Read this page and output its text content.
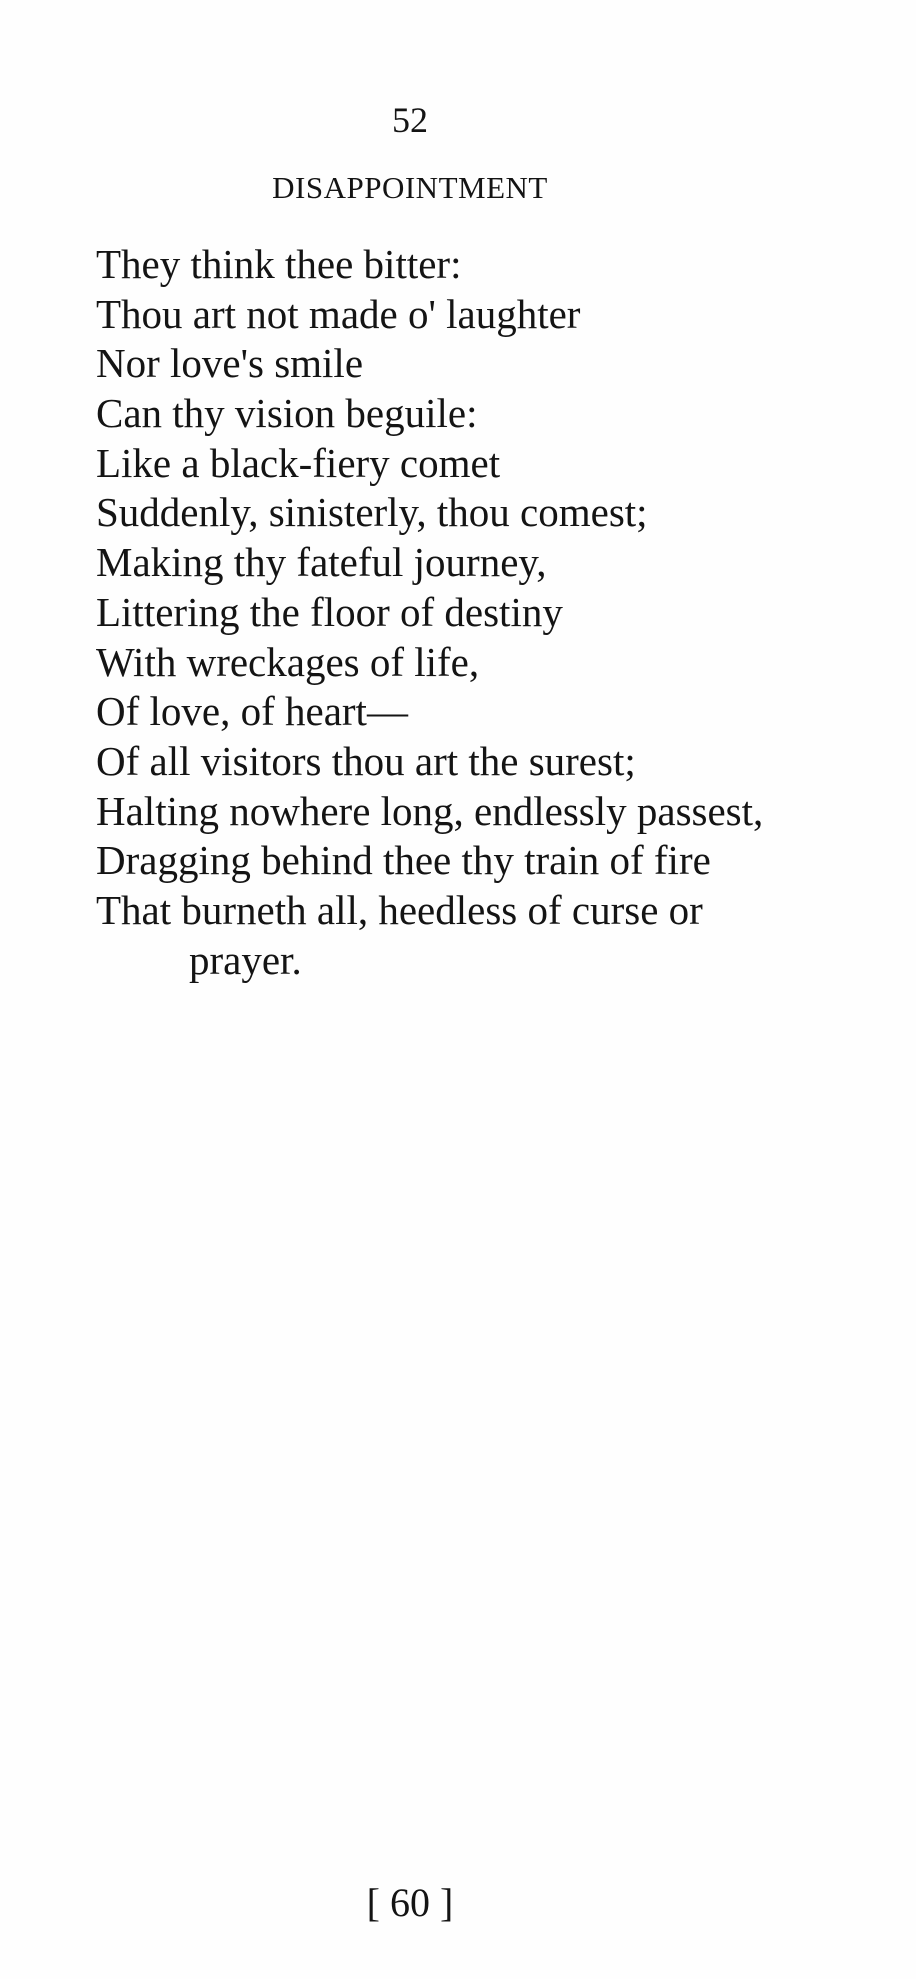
52
DISAPPOINTMENT
They think thee bitter:
Thou art not made o' laughter
Nor love's smile
Can thy vision beguile:
Like a black-fiery comet
Suddenly, sinisterly, thou comest;
Making thy fateful journey,
Littering the floor of destiny
With wreckages of life,
Of love, of heart—
Of all visitors thou art the surest;
Halting nowhere long, endlessly passest,
Dragging behind thee thy train of fire
That burneth all, heedless of curse or
prayer.
[ 60 ]
